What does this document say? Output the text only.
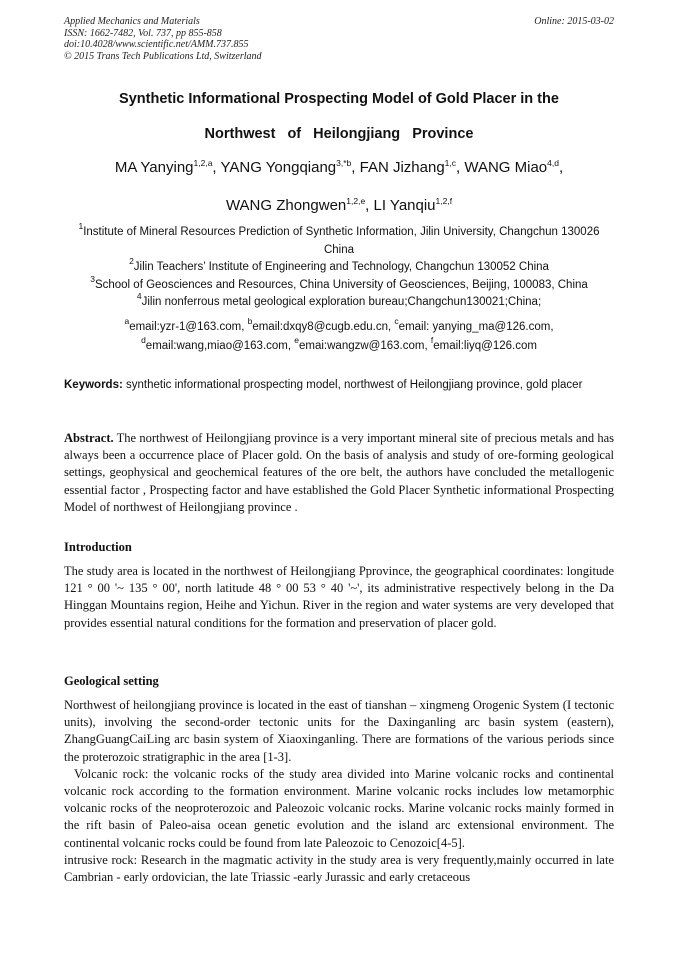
Applied Mechanics and Materials
ISSN: 1662-7482, Vol. 737, pp 855-858
doi:10.4028/www.scientific.net/AMM.737.855
© 2015 Trans Tech Publications Ltd, Switzerland
Online: 2015-03-02
Synthetic Informational Prospecting Model of Gold Placer in the
Northwest of Heilongjiang Province
MA Yanying$^{1,2,a}$, YANG Yongqiang$^{3,*b}$, FAN Jizhang$^{1,c}$, WANG Miao$^{4,d}$,
WANG Zhongwen$^{1,2,e}$, LI Yanqiu$^{1,2,f}$

$^1$Institute of Mineral Resources Prediction of Synthetic Information, Jilin University, Changchun 130026 China

$^2$Jilin Teachers’ Institute of Engineering and Technology, Changchun 130052 China

$^3$School of Geosciences and Resources, China University of Geosciences, Beijing, 100083, China

$^4$Jilin nonferrous metal geological exploration bureau;Changchun130021;China;

$^a$email:yzr-1@163.com, $^b$email:dxqy8@cugb.edu.cn, $^c$email: yanying_ma@126.com,

$^d$email:wang,miao@163.com, $^e$emai:wangzw@163.com, $^f$email:liyq@126.com

Keywords: synthetic informational prospecting model, northwest of Heilongjiang province, gold placer

Abstract. The northwest of Heilongjiang province is a very important mineral site of precious metals and has always been a occurrence place of Placer gold. On the basis of analysis and study of ore-forming geological settings, geophysical and geochemical features of the ore belt, the authors have concluded the metallogenic essential factor , Prospecting factor and have established the Gold Placer Synthetic informational Prospecting Model of northwest of Heilongjiang province .

Introduction
The study area is located in the northwest of Heilongjiang Pprovince, the geographical coordinates: longitude 121 ° 00 '~ 135 ° 00', north latitude 48 ° 00 53 ° 40 '~', its administrative respectively belong in the Da Hinggan Mountains region, Heihe and Yichun. River in the region and water systems are very developed that provides essential natural conditions for the formation and preservation of placer gold.
Geological setting

Northwest of heilongjiang province is located in the east of tianshan – xingmeng Orogenic System (I tectonic units), involving the second-order tectonic units for the Daxinganling arc basin system (eastern), ZhangGuangCaiLing arc basin system of Xiaoxinganling. There are formations of the various periods since the proterozoic stratigraphic in the area [1-3].

Volcanic rock: the volcanic rocks of the study area divided into Marine volcanic rocks and continental volcanic rock according to the formation environment. Marine volcanic rocks includes low metamorphic volcanic rocks of the neoproterozoic and Paleozoic volcanic rocks. Marine volcanic rocks mainly formed in the rift basin of Paleo-aisa ocean genetic evolution and the island arc extensional environment. The continental volcanic rocks could be found from late Paleozoic to Cenozoic[4-5].

intrusive rock: Research in the magmatic activity in the study area is very frequently,mainly occurred in late Cambrian - early ordovician, the late Triassic -early Jurassic and early cretaceous
